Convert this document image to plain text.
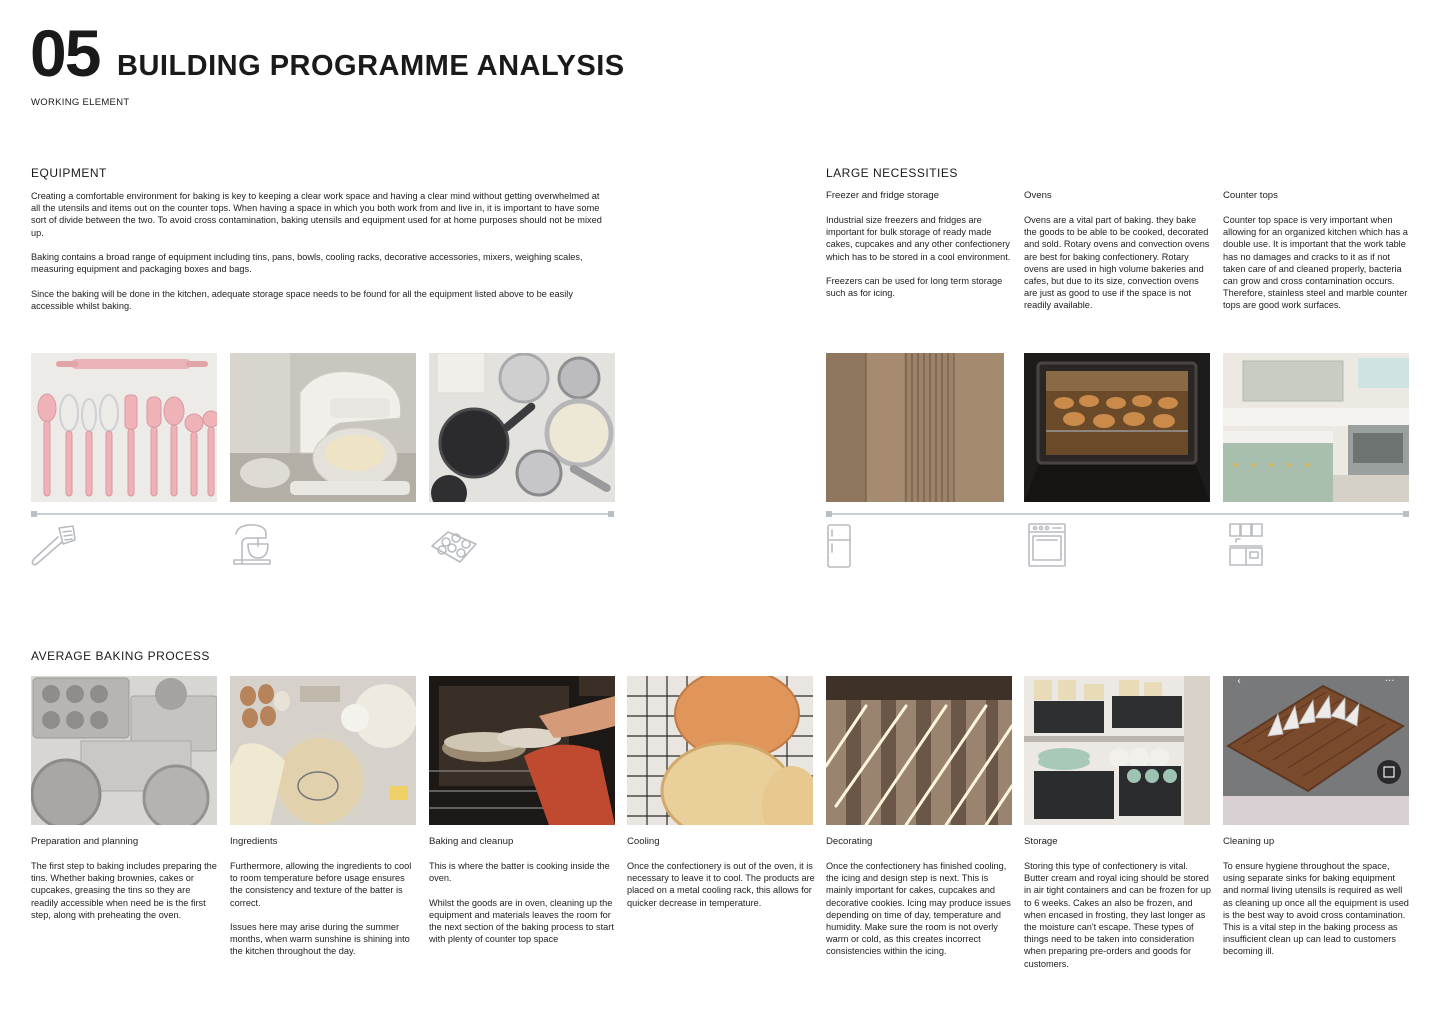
05 BUILDING PROGRAMME ANALYSIS
WORKING ELEMENT
EQUIPMENT

Creating a comfortable environment for baking is key to keeping a clear work space and having a clear mind without getting overwhelmed at all the utensils and items out on the counter tops. When having a space in which you both work from and live in, it is important to have some sort of divide between the two. To avoid cross contamination, baking utensils and equipment used for at home purposes should not be mixed up.

Baking contains a broad range of equipment including tins, pans, bowls, cooling racks, decorative accessories, mixers, weighing scales, measuring equipment and packaging boxes and bags.

Since the baking will be done in the kitchen, adequate storage space needs to be found for all the equipment listed above to be easily accessible whilst baking.

LARGE NECESSITIES
Freezer and fridge storage

Industrial size freezers and fridges are important for bulk storage of ready made cakes, cupcakes and any other confectionery which has to be stored in a cool environment.

Freezers can be used for long term storage such as for icing.

Ovens

Ovens are a vital part of baking. they bake the goods to be able to be cooked, decorated and sold. Rotary ovens and convection ovens are best for baking confectionery. Rotary ovens are used in high volume bakeries and cafes, but due to its size, convection ovens are just as good to use if the space is not readily available.

Counter tops

Counter top space is very important when allowing for an organized kitchen which has a double use. It is important that the work table has no damages and cracks to it as if not taken care of and cleaned properly, bacteria can grow and cross contamination occurs. Therefore, stainless steel and marble counter tops are good work surfaces.

AVERAGE BAKING PROCESS
‹	···
Preparation and planning

The first step to baking includes preparing the tins. Whether baking brownies, cakes or cupcakes, greasing the tins so they are readily accessible when need be is the first step, along with preheating the oven.

Ingredients

Furthermore, allowing the ingredients to cool to room temperature before usage ensures the consistency and texture of the batter is correct.

Issues here may arise during the summer months, when warm sunshine is shining into the kitchen throughout the day.

Baking and cleanup

This is where the batter is cooking inside the oven.

Whilst the goods are in oven, cleaning up the equipment and materials leaves the room for the next section of the baking process to start with plenty of counter top space

Cooling

Once the confectionery is out of the oven, it is necessary to leave it to cool. The products are placed on a metal cooling rack, this allows for quicker decrease in temperature.

Decorating

Once the confectionery has finished cooling, the icing and design step is next. This is mainly important for cakes, cupcakes and decorative cookies. Icing may produce issues depending on time of day, temperature and humidity. Make sure the room is not overly warm or cold, as this creates incorrect consistencies within the icing.

Storage

Storing this type of confectionery is vital. Butter cream and royal icing should be stored in air tight containers and can be frozen for up to 6 weeks. Cakes an also be frozen, and when encased in frosting, they last longer as the moisture can't escape. These types of things need to be taken into consideration when preparing pre-orders and goods for customers.

Cleaning up

To ensure hygiene throughout the space, using separate sinks for baking equipment and normal living utensils is required as well as cleaning up once all the equipment is used is the best way to avoid cross contamination. This is a vital step in the baking process as insufficient clean up can lead to customers becoming ill.
